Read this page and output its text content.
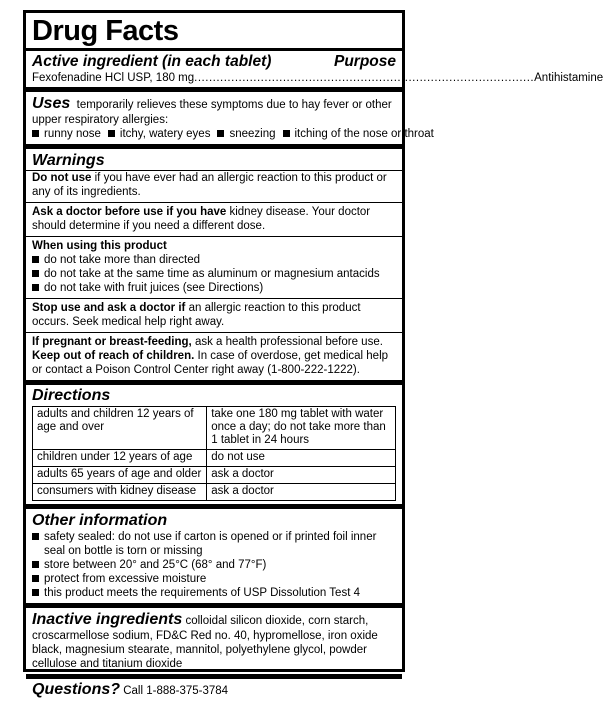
Drug Facts
Active ingredient (in each tablet)	Purpose
Fexofenadine HCl USP, 180 mg ............................................................................................ Antihistamine
Uses temporarily relieves these symptoms due to hay fever or other upper respiratory allergies:
runny nose itchy, watery eyes sneezing itching of the nose or throat
Warnings
Do not use if you have ever had an allergic reaction to this product or any of its ingredients.
Ask a doctor before use if you have kidney disease. Your doctor should determine if you need a different dose.
When using this product
do not take more than directed
do not take at the same time as aluminum or magnesium antacids
do not take with fruit juices (see Directions)
Stop use and ask a doctor if an allergic reaction to this product occurs. Seek medical help right away.
If pregnant or breast-feeding, ask a health professional before use.
Keep out of reach of children. In case of overdose, get medical help or contact a Poison Control Center right away (1-800-222-1222).
Directions
adults and children 12 years of age and over	take one 180 mg tablet with water once a day; do not take more than 1 tablet in 24 hours
children under 12 years of age	do not use
adults 65 years of age and older	ask a doctor
consumers with kidney disease	ask a doctor
Other information
safety sealed: do not use if carton is opened or if printed foil inner seal on bottle is torn or missing
store between 20° and 25°C (68° and 77°F)
protect from excessive moisture
this product meets the requirements of USP Dissolution Test 4
Inactive ingredients colloidal silicon dioxide, corn starch, croscarmellose sodium, FD&C Red no. 40, hypromellose, iron oxide black, magnesium stearate, mannitol, polyethylene glycol, powder cellulose and titanium dioxide
Questions? Call 1-888-375-3784
